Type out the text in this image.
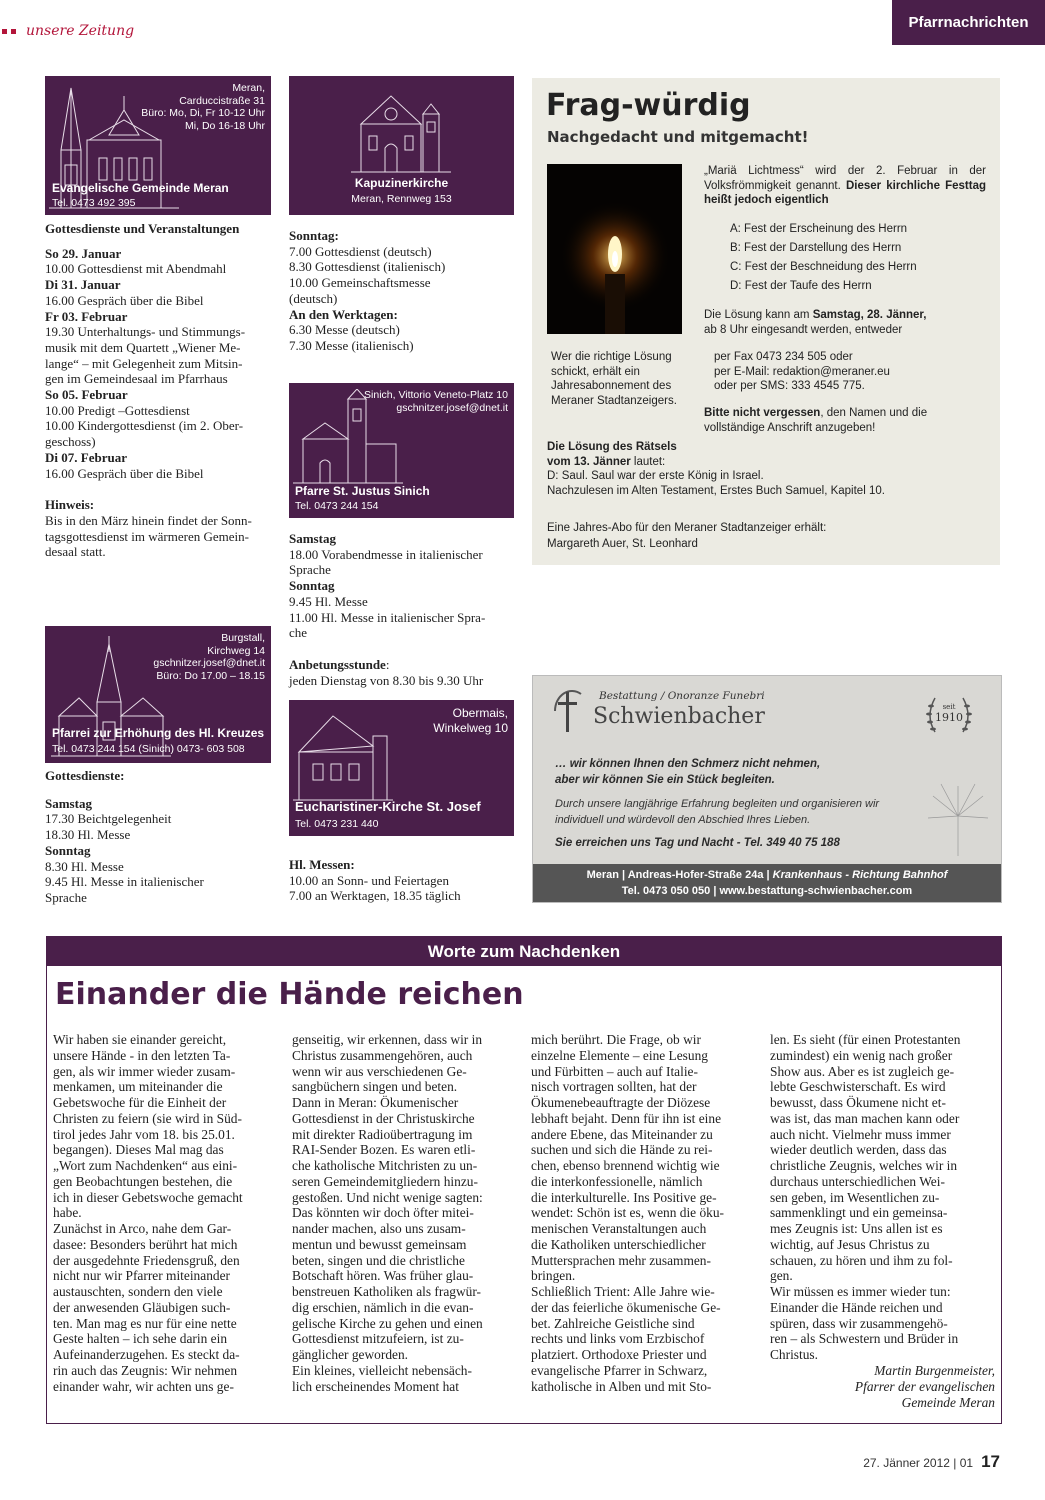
unsere Zeitung	Pfarrnachrichten
Meran,
Carduccistraße 31
Büro: Mo, Di, Fr 10-12 Uhr
Mi, Do 16-18 Uhr
Evangelische Gemeinde Meran
Tel. 0473 492 395
Gottesdienste und Veranstaltungen
So 29. Januar
10.00 Gottesdienst mit Abendmahl
Di 31. Januar
16.00 Gespräch über die Bibel
Fr 03. Februar
19.30 Unterhaltungs- und Stimmungs-
musik mit dem Quartett „Wiener Me-
lange“ – mit Gelegenheit zum Mitsin-
gen im Gemeindesaal im Pfarrhaus
So 05. Februar
10.00 Predigt –Gottesdienst
10.00 Kindergottesdienst (im 2. Ober-
geschoss)
Di 07. Februar
16.00 Gespräch über die Bibel
Hinweis:
Bis in den März hinein findet der Sonn-
tagsgottesdienst im wärmeren Gemein-
desaal statt.
Kapuzinerkirche
Meran, Rennweg 153
Sonntag:
7.00 Gottesdienst (deutsch)
8.30 Gottesdienst (italienisch)
10.00 Gemeinschaftsmesse
(deutsch)
An den Werktagen:
6.30 Messe (deutsch)
7.30 Messe (italienisch)
Sinich, Vittorio Veneto-Platz 10
gschnitzer.josef@dnet.it
Pfarre St. Justus Sinich
Tel. 0473 244 154
Samstag
18.00 Vorabendmesse in italienischer
Sprache
Sonntag
9.45 Hl. Messe
11.00 Hl. Messe in italienischer Spra-
che
Anbetungsstunde:
jeden Dienstag von 8.30 bis 9.30 Uhr
Burgstall,
Kirchweg 14
gschnitzer.josef@dnet.it
Büro: Do 17.00 – 18.15
Pfarrei zur Erhöhung des Hl. Kreuzes
Tel. 0473 244 154 (Sinich) 0473- 603 508
Gottesdienste:
Samstag
17.30 Beichtgelegenheit
18.30 Hl. Messe
Sonntag
8.30 Hl. Messe
9.45 Hl. Messe in italienischer
Sprache
Obermais,
Winkelweg 10
Eucharistiner-Kirche St. Josef
Tel. 0473 231 440
Hl. Messen:
10.00 an Sonn- und Feiertagen
7.00 an Werktagen, 18.35 täglich
Frag-würdig
Nachgedacht und mitgemacht!
„Mariä Lichtmess“ wird der 2. Februar in der Volksfrömmigkeit genannt. Dieser kirchliche Festtag heißt jedoch eigentlich
A: Fest der Erscheinung des Herrn
B: Fest der Darstellung des Herrn
C: Fest der Beschneidung des Herrn
D: Fest der Taufe des Herrn
Die Lösung kann am Samstag, 28. Jänner, ab 8 Uhr eingesandt werden, entweder
per Fax 0473 234 505 oder
per E-Mail: redaktion@meraner.eu
oder per SMS: 333 4545 775.
Bitte nicht vergessen, den Namen und die vollständige Anschrift anzugeben!
Wer die richtige Lösung schickt, erhält ein Jahresabonnement des Meraner Stadtanzeigers.
Die Lösung des Rätsels vom 13. Jänner lautet:
D: Saul. Saul war der erste König in Israel.
Nachzulesen im Alten Testament, Erstes Buch Samuel, Kapitel 10.
Eine Jahres-Abo für den Meraner Stadtanzeiger erhält:
Margareth Auer, St. Leonhard
Bestattung / Onoranze Funebri
Schwienbacher	seit
1910
… wir können Ihnen den Schmerz nicht nehmen,
aber wir können Sie ein Stück begleiten.
Durch unsere langjährige Erfahrung begleiten und organisieren wir
individuell und würdevoll den Abschied Ihres Lieben.
Sie erreichen uns Tag und Nacht - Tel. 349 40 75 188
Meran | Andreas-Hofer-Straße 24a | Krankenhaus - Richtung Bahnhof
Tel. 0473 050 050 | www.bestattung-schwienbacher.com
Worte zum Nachdenken
Einander die Hände reichen

Wir haben sie einander gereicht,

unsere Hände - in den letzten Ta-

gen, als wir immer wieder zusam-

menkamen, um miteinander die

Gebetswoche für die Einheit der

Christen zu feiern (sie wird in Süd-

tirol jedes Jahr vom 18. bis 25.01.

begangen). Dieses Mal mag das

„Wort zum Nachdenken“ aus eini-

gen Beobachtungen bestehen, die

ich in dieser Gebetswoche gemacht

habe.

Zunächst in Arco, nahe dem Gar-

dasee: Besonders berührt hat mich

der ausgedehnte Friedensgruß, den

nicht nur wir Pfarrer miteinander

austauschten, sondern den viele

der anwesenden Gläubigen such-

ten. Man mag es nur für eine nette

Geste halten – ich sehe darin ein

Aufeinanderzugehen. Es steckt da-

rin auch das Zeugnis: Wir nehmen

einander wahr, wir achten uns ge-

genseitig, wir erkennen, dass wir in

Christus zusammengehören, auch

wenn wir aus verschiedenen Ge-

sangbüchern singen und beten.

Dann in Meran: Ökumenischer

Gottesdienst in der Christuskirche

mit direkter Radioübertragung im

RAI-Sender Bozen. Es waren etli-

che katholische Mitchristen zu un-

seren Gemeindemitgliedern hinzu-

gestoßen. Und nicht wenige sagten:

Das könnten wir doch öfter mitei-

nander machen, also uns zusam-

mentun und bewusst gemeinsam

beten, singen und die christliche

Botschaft hören. Was früher glau-

benstreuen Katholiken als fragwür-

dig erschien, nämlich in die evan-

gelische Kirche zu gehen und einen

Gottesdienst mitzufeiern, ist zu-

gänglicher geworden.

Ein kleines, vielleicht nebensäch-

lich erscheinendes Moment hat

mich berührt. Die Frage, ob wir

einzelne Elemente – eine Lesung

und Fürbitten – auch auf Italie-

nisch vortragen sollten, hat der

Ökumenebeauftragte der Diözese

lebhaft bejaht. Denn für ihn ist eine

andere Ebene, das Miteinander zu

suchen und sich die Hände zu rei-

chen, ebenso brennend wichtig wie

die interkonfessionelle, nämlich

die interkulturelle. Ins Positive ge-

wendet: Schön ist es, wenn die öku-

menischen Veranstaltungen auch

die Katholiken unterschiedlicher

Muttersprachen mehr zusammen-

bringen.

Schließlich Trient: Alle Jahre wie-

der das feierliche ökumenische Ge-

bet. Zahlreiche Geistliche sind

rechts und links vom Erzbischof

platziert. Orthodoxe Priester und

evangelische Pfarrer in Schwarz,

katholische in Alben und mit Sto-

len. Es sieht (für einen Protestanten

zumindest) ein wenig nach großer

Show aus. Aber es ist zugleich ge-

lebte Geschwisterschaft. Es wird

bewusst, dass Ökumene nicht et-

was ist, das man machen kann oder

auch nicht. Vielmehr muss immer

wieder deutlich werden, dass das

christliche Zeugnis, welches wir in

durchaus unterschiedlichen Wei-

sen geben, im Wesentlichen zu-

sammenklingt und ein gemeinsa-

mes Zeugnis ist: Uns allen ist es

wichtig, auf Jesus Christus zu

schauen, zu hören und ihm zu fol-

gen.

Wir müssen es immer wieder tun:

Einander die Hände reichen und

spüren, dass wir zusammengehö-

ren – als Schwestern und Brüder in

Christus.

Martin Burgenmeister,
Pfarrer der evangelischen
Gemeinde Meran
27. Jänner 2012 | 01 17
